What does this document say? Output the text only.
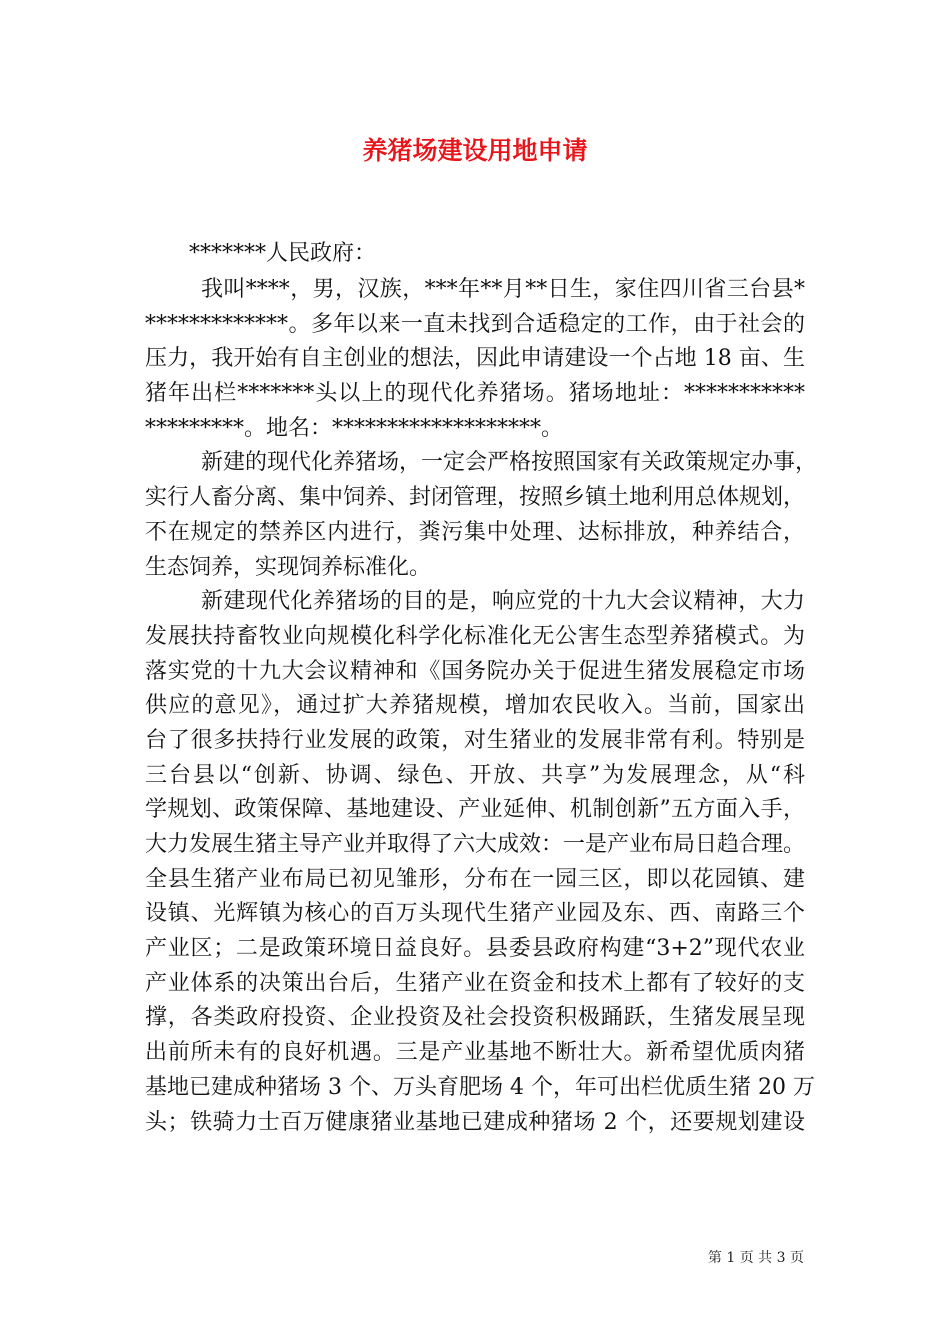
养猪场建设用地申请
*******人民政府：
我叫****，男，汉族，***年**月**日生，家住四川省三台县*
*************。多年以来一直未找到合适稳定的工作，由于社会的
压力，我开始有自主创业的想法，因此申请建设一个占地 18 亩、生
猪年出栏*******头以上的现代化养猪场。猪场地址：***********
*********。地名：*******************。
新建的现代化养猪场，一定会严格按照国家有关政策规定办事，
实行人畜分离、集中饲养、封闭管理，按照乡镇土地利用总体规划，
不在规定的禁养区内进行，粪污集中处理、达标排放，种养结合，
生态饲养，实现饲养标准化。
新建现代化养猪场的目的是，响应党的十九大会议精神，大力
发展扶持畜牧业向规模化科学化标准化无公害生态型养猪模式。为
落实党的十九大会议精神和《国务院办关于促进生猪发展稳定市场
供应的意见》，通过扩大养猪规模，增加农民收入。当前，国家出
台了很多扶持行业发展的政策，对生猪业的发展非常有利。特别是
三台县以“创新、协调、绿色、开放、共享”为发展理念，从“科
学规划、政策保障、基地建设、产业延伸、机制创新”五方面入手，
大力发展生猪主导产业并取得了六大成效：一是产业布局日趋合理。
全县生猪产业布局已初见雏形，分布在一园三区，即以花园镇、建
设镇、光辉镇为核心的百万头现代生猪产业园及东、西、南路三个
产业区；二是政策环境日益良好。县委县政府构建“3+2”现代农业
产业体系的决策出台后，生猪产业在资金和技术上都有了较好的支
撑，各类政府投资、企业投资及社会投资积极踊跃，生猪发展呈现
出前所未有的良好机遇。三是产业基地不断壮大。新希望优质肉猪
基地已建成种猪场 3 个、万头育肥场 4 个，年可出栏优质生猪 20 万
头；铁骑力士百万健康猪业基地已建成种猪场 2 个，还要规划建设
第 1 页 共 3 页
